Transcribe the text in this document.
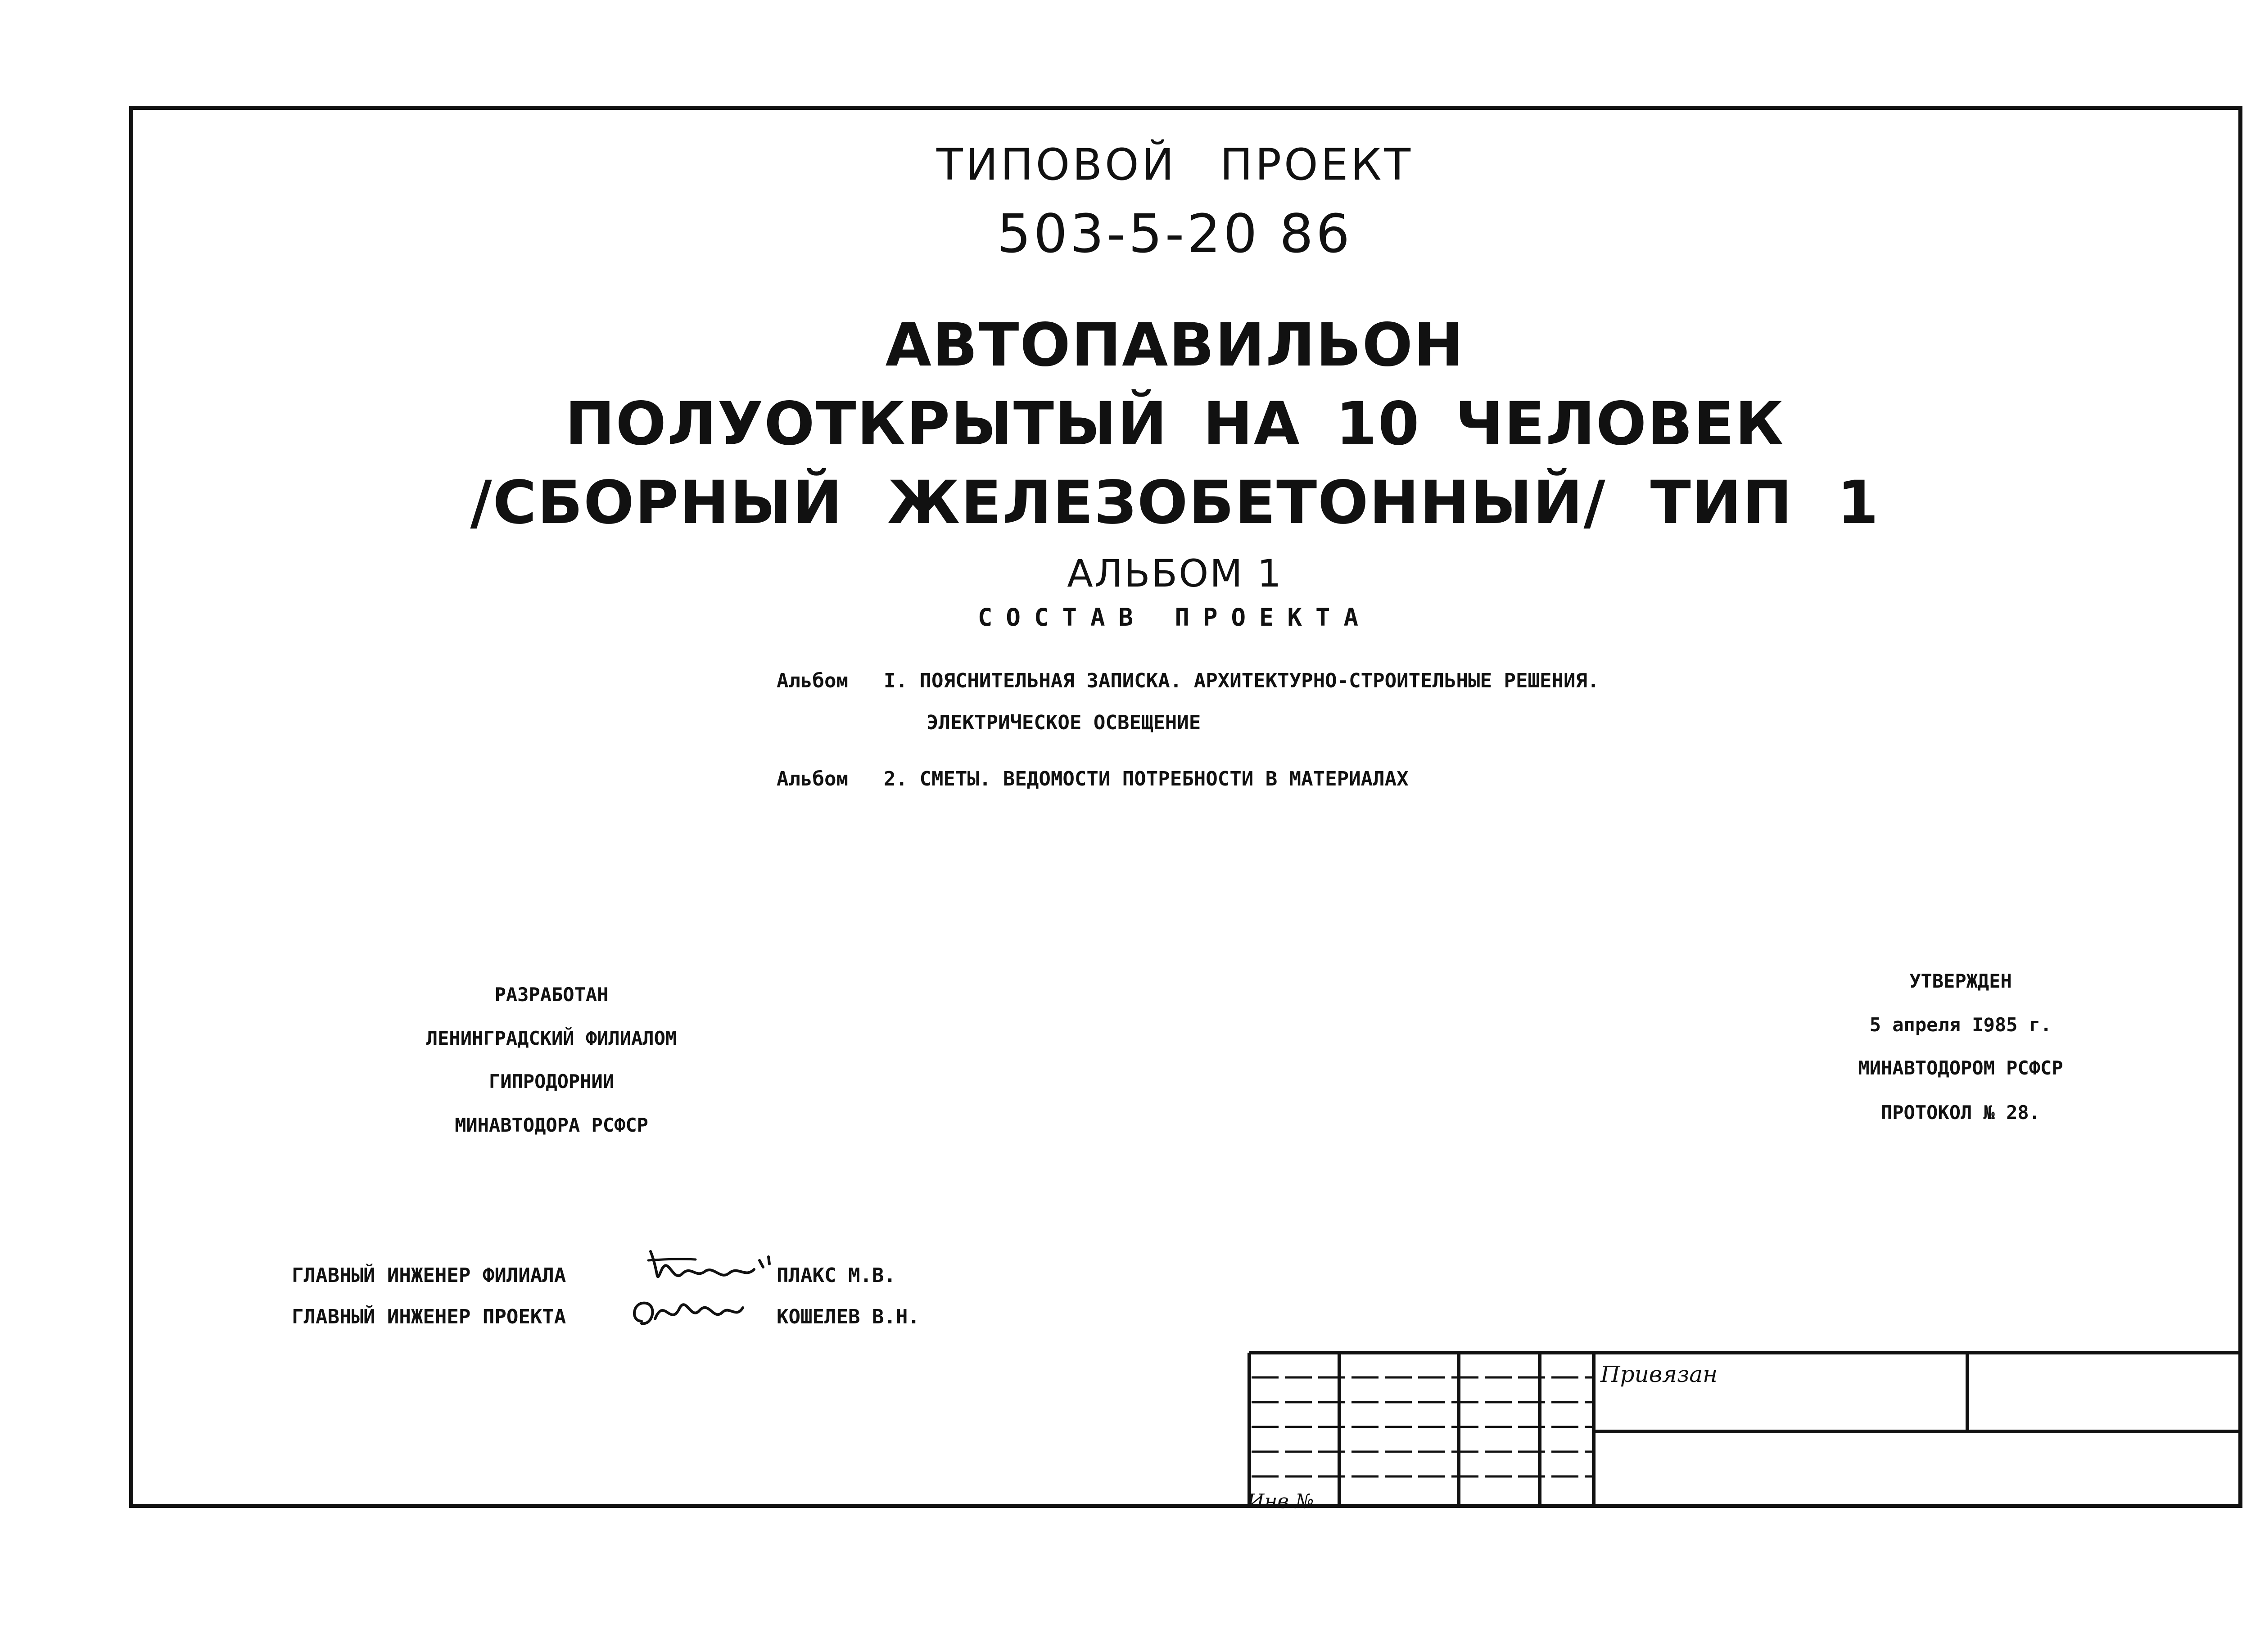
ТИПОВОЙ ПРОЕКТ
503-5-20 86
АВТОПАВИЛЬОН
ПОЛУОТКРЫТЫЙ НА 10 ЧЕЛОВЕК
/СБОРНЫЙ ЖЕЛЕЗОБЕТОННЫЙ/ ТИП 1
АЛЬБОМ 1
СОСТАВ ПРОЕКТА
Альбом I. ПОЯСНИТЕЛЬНАЯ ЗАПИСКА. АРХИТЕКТУРНО-СТРОИТЕЛЬНЫЕ РЕШЕНИЯ.
ЭЛЕКТРИЧЕСКОЕ ОСВЕЩЕНИЕ
Альбом 2. СМЕТЫ. ВЕДОМОСТИ ПОТРЕБНОСТИ В МАТЕРИАЛАХ
РАЗРАБОТАН
ЛЕНИНГРАДСКИЙ ФИЛИАЛОМ
ГИПРОДОРНИИ
МИНАВТОДОРА РСФСР
УТВЕРЖДЕН
5 апреля I985 г.
МИНАВТОДОРОМ РСФСР
ПРОТОКОЛ № 28.
ГЛАВНЫЙ ИНЖЕНЕР ФИЛИАЛА	ПЛАКС М.В.
ГЛАВНЫЙ ИНЖЕНЕР ПРОЕКТА	КОШЕЛЕВ В.Н.
Привязан
Инв №
